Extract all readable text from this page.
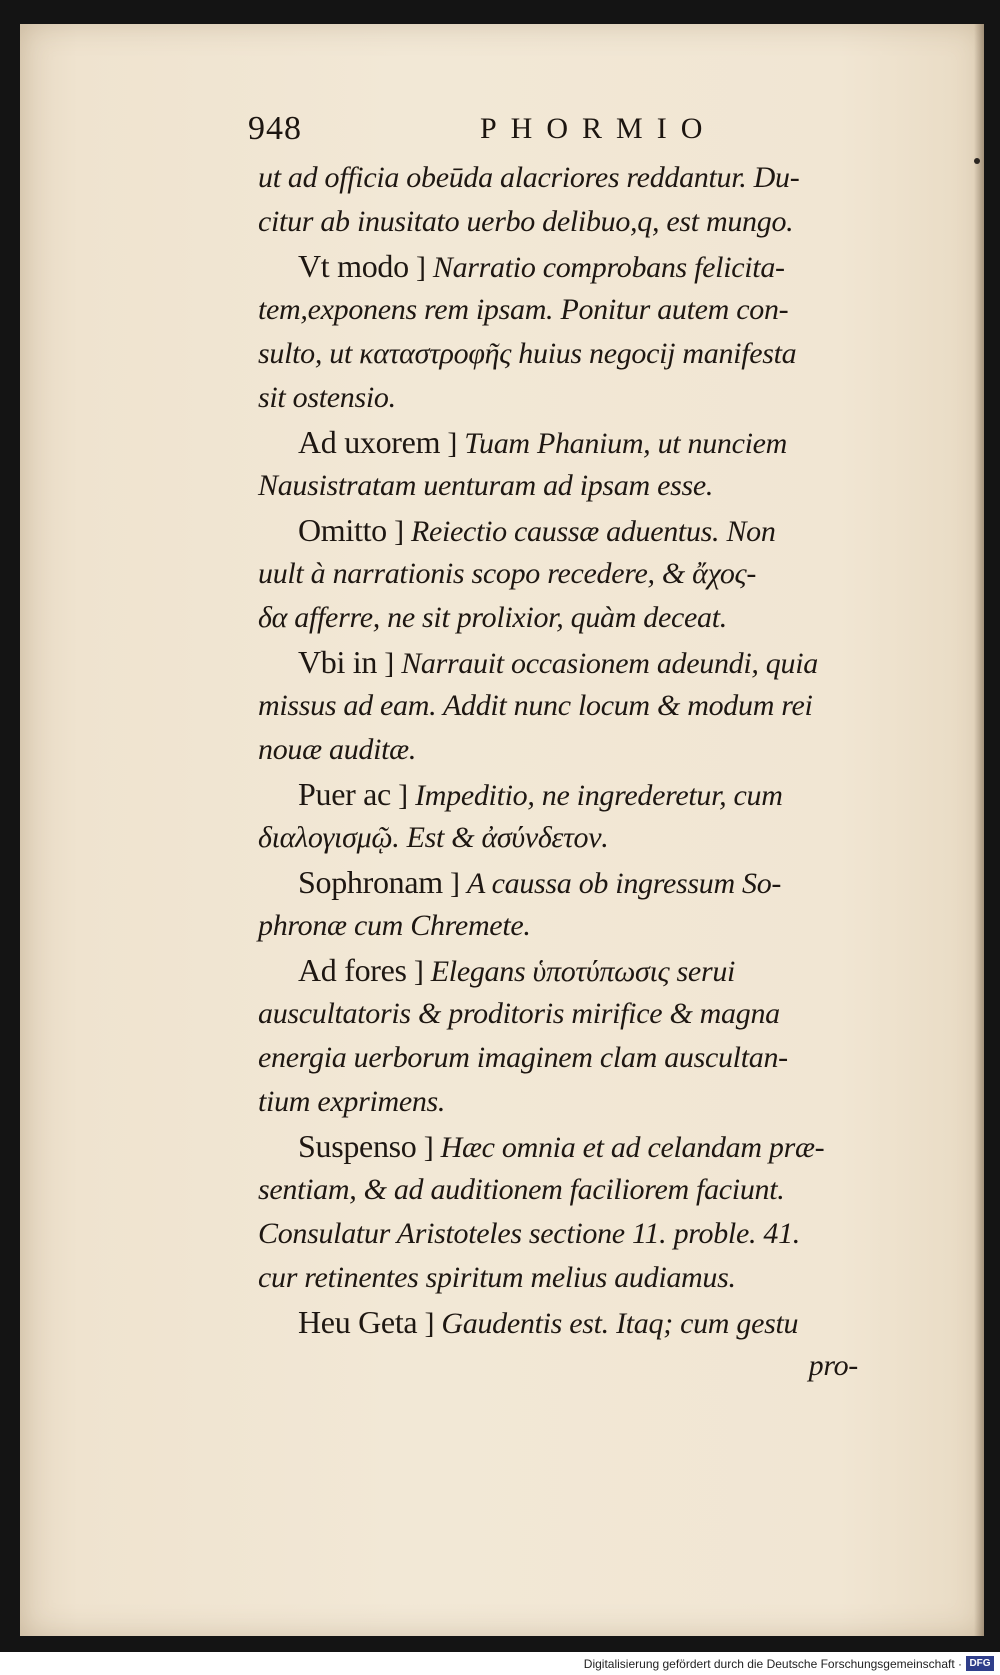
948	PHORMIO
ut ad officia obeūda alacriores reddantur. Du-
citur ab inusitato uerbo delibuo,q, est mungo.
Vt modo ] Narratio comprobans felicita-
tem,exponens rem ipsam. Ponitur autem con-
sulto, ut καταστροφῆς huius negocij manifesta
sit ostensio.
Ad uxorem ] Tuam Phanium, ut nunciem
Nausistratam uenturam ad ipsam esse.
Omitto ] Reiectio caussæ aduentus. Non
uult à narrationis scopo recedere, & ἄχος-
δα afferre, ne sit prolixior, quàm deceat.
Vbi in ] Narrauit occasionem adeundi, quia
missus ad eam. Addit nunc locum & modum rei
nouæ auditæ.
Puer ac ] Impeditio, ne ingrederetur, cum
διαλογισμῷ. Est & ἀσύνδετον.
Sophronam ] A caussa ob ingressum So-
phronæ cum Chremete.
Ad fores ] Elegans ὑποτύπωσις serui
auscultatoris & proditoris mirifice & magna
energia uerborum imaginem clam auscultan-
tium exprimens.
Suspenso ] Hæc omnia et ad celandam præ-
sentiam, & ad auditionem faciliorem faciunt.
Consulatur Aristoteles sectione 11. proble. 41.
cur retinentes spiritum melius audiamus.
Heu Geta ] Gaudentis est. Itaq; cum gestu
pro-
Digitalisierung gefördert durch die Deutsche Forschungsgemeinschaft · DFG
